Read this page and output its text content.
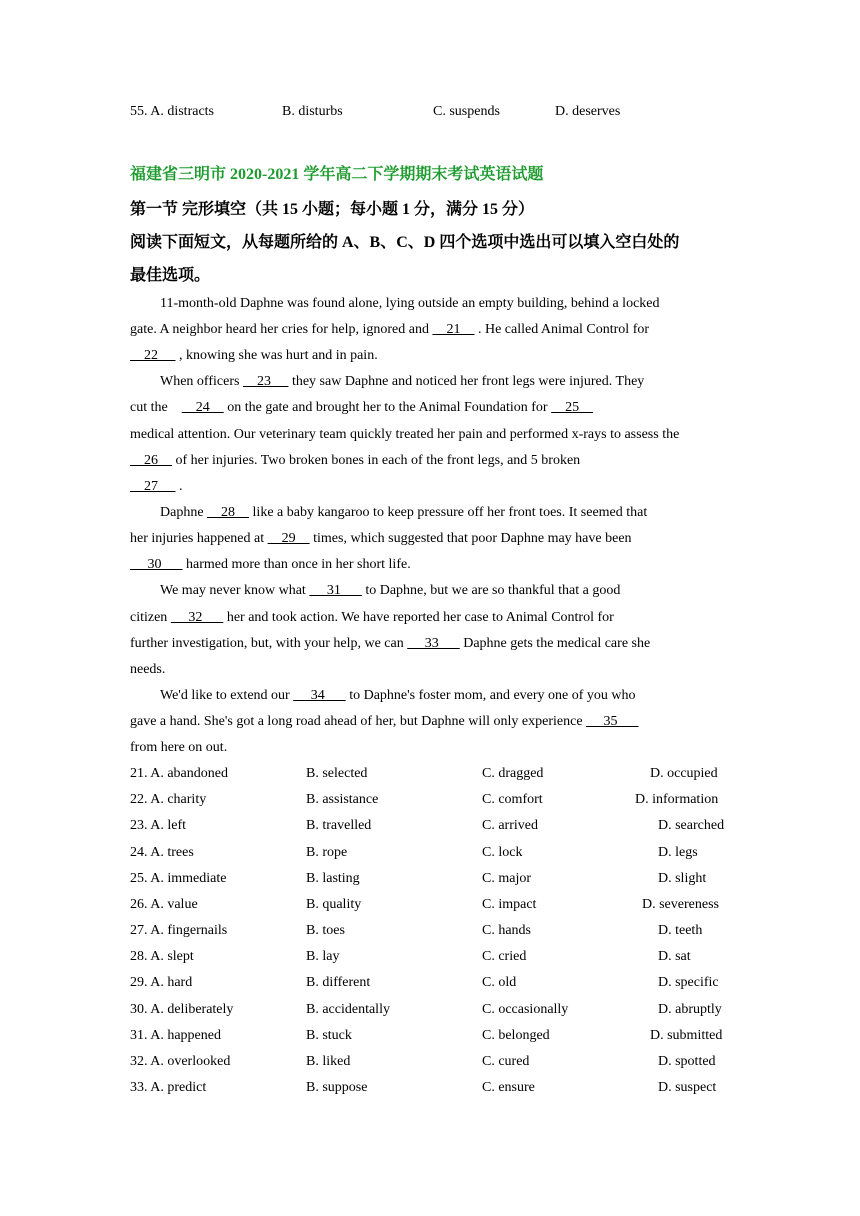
55. A. distracts	B. disturbs	C. suspends	D. deserves
福建省三明市 2020-2021 学年高二下学期期末考试英语试题
第一节 完形填空（共 15 小题；每小题 1 分，满分 15 分）
阅读下面短文，从每题所给的 A、B、C、D 四个选项中选出可以填入空白处的
最佳选项。
11-month-old Daphne was found alone, lying outside an empty building, behind a locked
gate. A neighbor heard her cries for help, ignored and     21     . He called Animal Control for
22      , knowing she was hurt and in pain.
When officers     23      they saw Daphne and noticed her front legs were injured. They
cut the        24     on the gate and brought her to the Animal Foundation for     25
medical attention. Our veterinary team quickly treated her pain and performed x-rays to assess the
26     of her injuries. Two broken bones in each of the front legs, and 5 broken
27      .
Daphne     28     like a baby kangaroo to keep pressure off her front toes. It seemed that
her injuries happened at     29     times, which suggested that poor Daphne may have been
30       harmed more than once in her short life.
We may never know what      31       to Daphne, but we are so thankful that a good
citizen      32       her and took action. We have reported her case to Animal Control for
further investigation, but, with your help, we can      33       Daphne gets the medical care she
needs.
We'd like to extend our      34       to Daphne's foster mom, and every one of you who
gave a hand. She's got a long road ahead of her, but Daphne will only experience      35
from here on out.
21. A. abandoned	B. selected	C. dragged	D. occupied
22. A. charity	B. assistance	C. comfort	D. information
23. A. left	B. travelled	C. arrived	D. searched
24. A. trees	B. rope	C. lock	D. legs
25. A. immediate	B. lasting	C. major	D. slight
26. A. value	B. quality	C. impact	D. severeness
27. A. fingernails	B. toes	C. hands	D. teeth
28. A. slept	B. lay	C. cried	D. sat
29. A. hard	B. different	C. old	D. specific
30. A. deliberately	B. accidentally	C. occasionally	D. abruptly
31. A. happened	B. stuck	C. belonged	D. submitted
32. A. overlooked	B. liked	C. cured	D. spotted
33. A. predict	B. suppose	C. ensure	D. suspect
